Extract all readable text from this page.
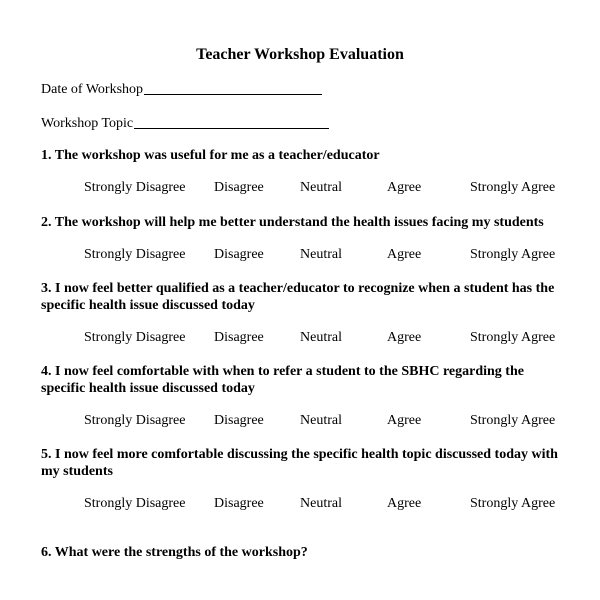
Teacher Workshop Evaluation
Date of Workshop
Workshop Topic
1. The workshop was useful for me as a teacher/educator
Strongly Disagree Disagree	Neutral	Agree	Strongly Agree
2. The workshop will help me better understand the health issues facing my students
Strongly Disagree Disagree	Neutral	Agree	Strongly Agree
3. I now feel better qualified as a teacher/educator to recognize when a student has the specific health issue discussed today
Strongly Disagree Disagree	Neutral	Agree	Strongly Agree
4. I now feel comfortable with when to refer a student to the SBHC regarding the specific health issue discussed today
Strongly Disagree Disagree	Neutral	Agree	Strongly Agree
5. I now feel more comfortable discussing the specific health topic discussed today with my students
Strongly Disagree Disagree	Neutral	Agree	Strongly Agree
6. What were the strengths of the workshop?
